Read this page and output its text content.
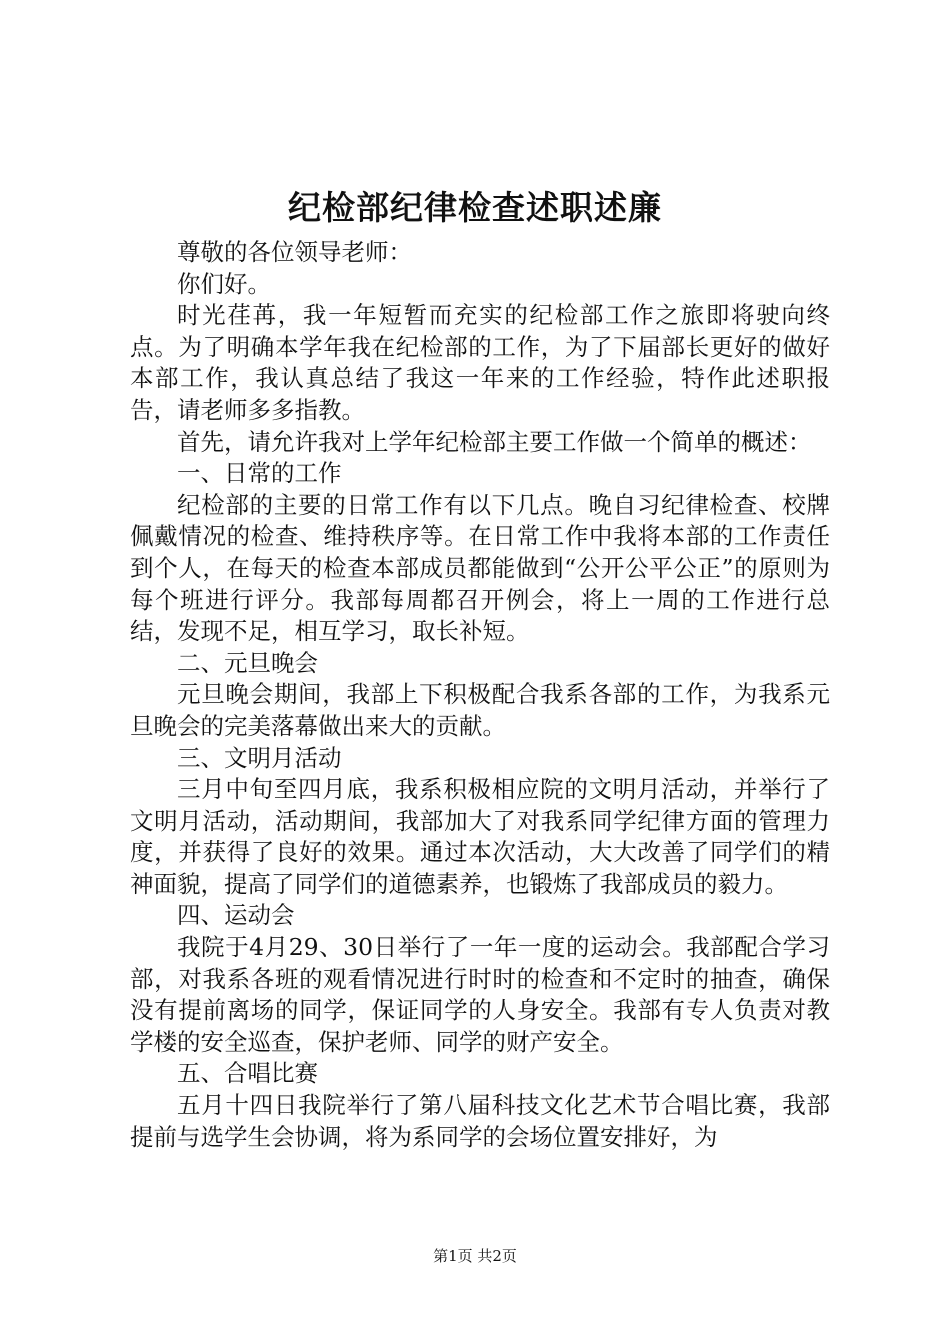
纪检部纪律检查述职述廉

尊敬的各位领导老师：

你们好。

时光荏苒，我一年短暂而充实的纪检部工作之旅即将驶向终点。为了明确本学年我在纪检部的工作，为了下届部长更好的做好本部工作，我认真总结了我这一年来的工作经验，特作此述职报告，请老师多多指教。

首先，请允许我对上学年纪检部主要工作做一个简单的概述：

一、日常的工作

纪检部的主要的日常工作有以下几点。晚自习纪律检查、校牌佩戴情况的检查、维持秩序等。在日常工作中我将本部的工作责任到个人，在每天的检查本部成员都能做到“公开公平公正”的原则为每个班进行评分。我部每周都召开例会，将上一周的工作进行总结，发现不足，相互学习，取长补短。

二、元旦晚会

元旦晚会期间，我部上下积极配合我系各部的工作，为我系元旦晚会的完美落幕做出来大的贡献。

三、文明月活动

三月中旬至四月底，我系积极相应院的文明月活动，并举行了文明月活动，活动期间，我部加大了对我系同学纪律方面的管理力度，并获得了良好的效果。通过本次活动，大大改善了同学们的精神面貌，提高了同学们的道德素养，也锻炼了我部成员的毅力。

四、运动会

我院于4月29、30日举行了一年一度的运动会。我部配合学习部，对我系各班的观看情况进行时时的检查和不定时的抽查，确保没有提前离场的同学，保证同学的人身安全。我部有专人负责对教学楼的安全巡查，保护老师、同学的财产安全。

五、合唱比赛

五月十四日我院举行了第八届科技文化艺术节合唱比赛，我部提前与选学生会协调，将为系同学的会场位置安排好，为

第1页 共2页
